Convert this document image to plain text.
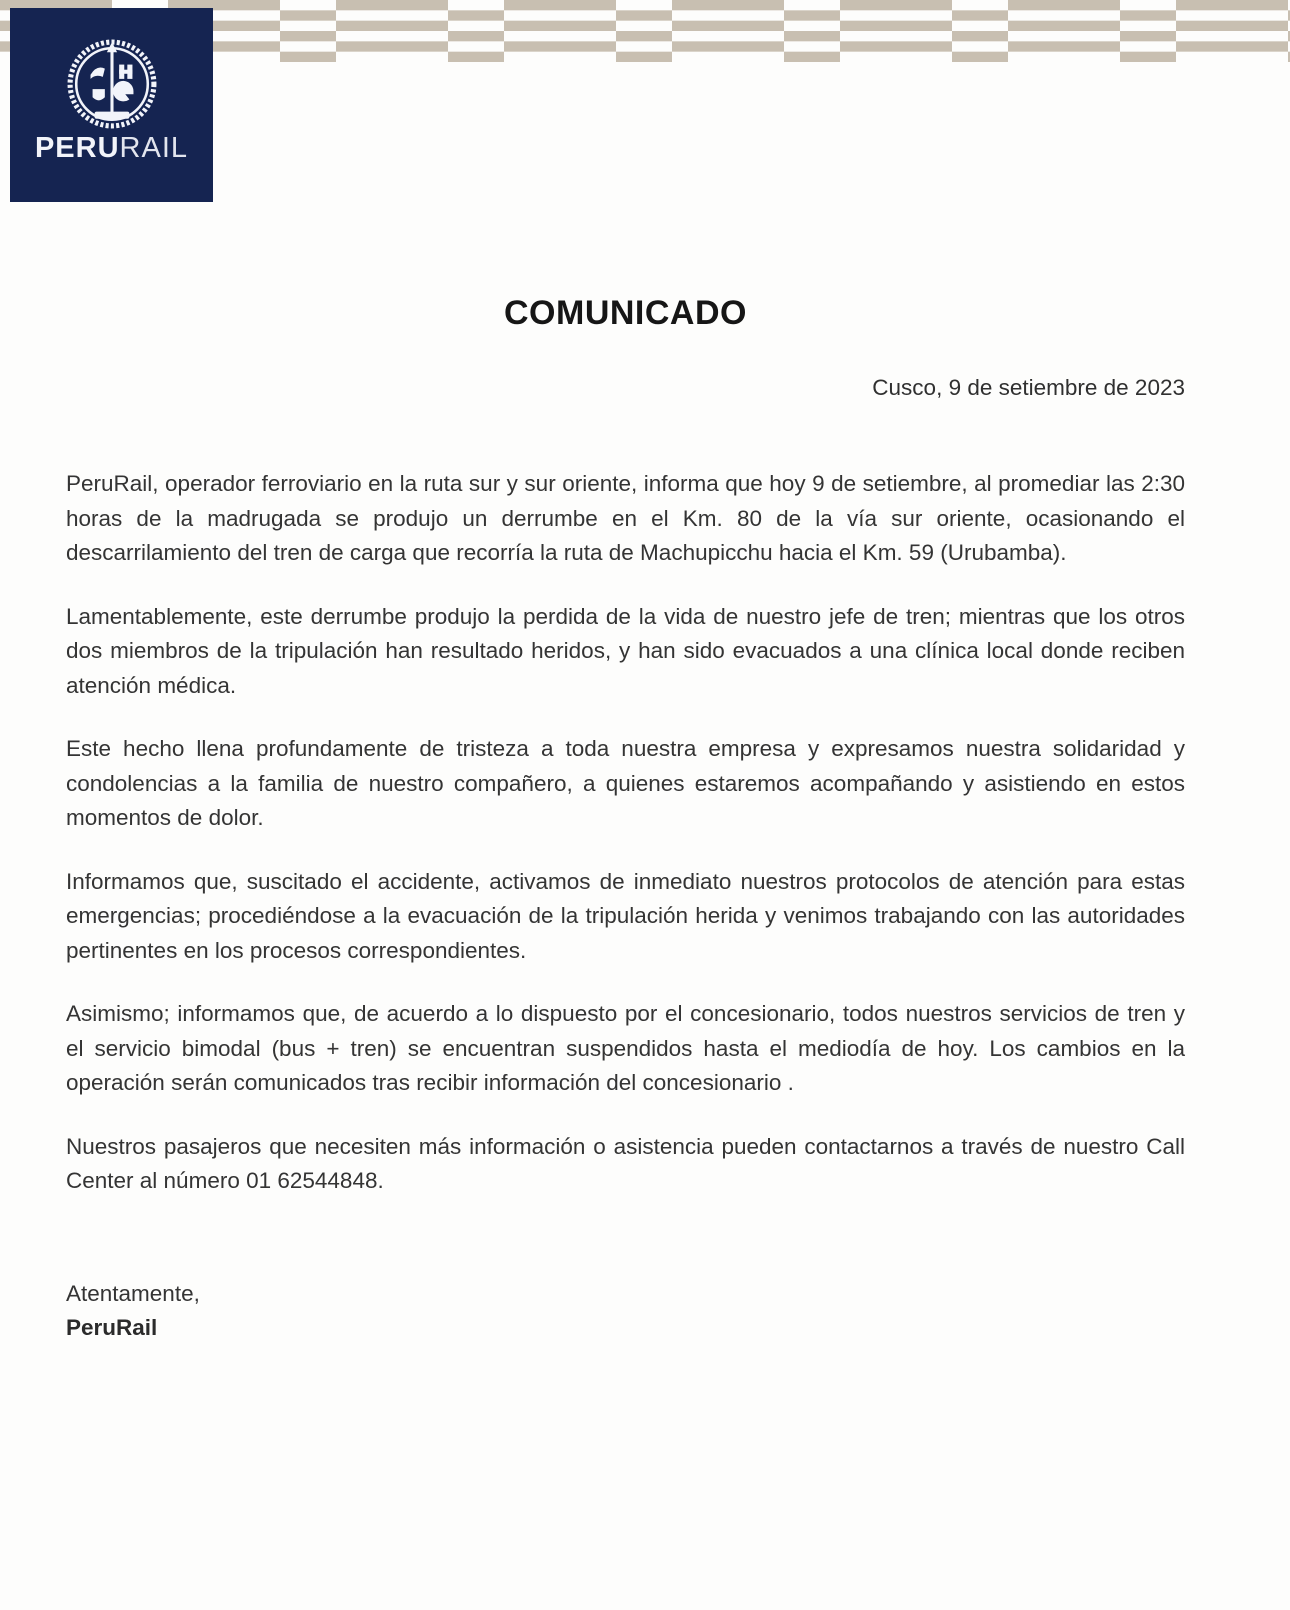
PERURAIL
COMUNICADO
Cusco, 9 de setiembre de 2023

PeruRail, operador ferroviario en la ruta sur y sur oriente, informa que hoy 9 de setiembre, al promediar las 2:30 horas de la madrugada se produjo un derrumbe en el Km. 80 de la vía sur oriente, ocasionando el descarrilamiento del tren de carga que recorría la ruta de Machupicchu hacia el Km. 59 (Urubamba).

Lamentablemente, este derrumbe produjo la perdida de la vida de nuestro jefe de tren; mientras que los otros dos miembros de la tripulación han resultado heridos, y han sido evacuados a una clínica local donde reciben atención médica.

Este hecho llena profundamente de tristeza a toda nuestra empresa y expresamos nuestra solidaridad y condolencias a la familia de nuestro compañero, a quienes estaremos acompañando y asistiendo en estos momentos de dolor.

Informamos que, suscitado el accidente, activamos de inmediato nuestros protocolos de atención para estas emergencias; procediéndose a la evacuación de la tripulación herida y venimos trabajando con las autoridades pertinentes en los procesos correspondientes.

Asimismo; informamos que, de acuerdo a lo dispuesto por el concesionario, todos nuestros servicios de tren y el servicio bimodal (bus + tren) se encuentran suspendidos hasta el mediodía de hoy. Los cambios en la operación serán comunicados tras recibir información del concesionario .

Nuestros pasajeros que necesiten más información o asistencia pueden contactarnos a través de nuestro Call Center al número 01 62544848.

Atentamente,
PeruRail
